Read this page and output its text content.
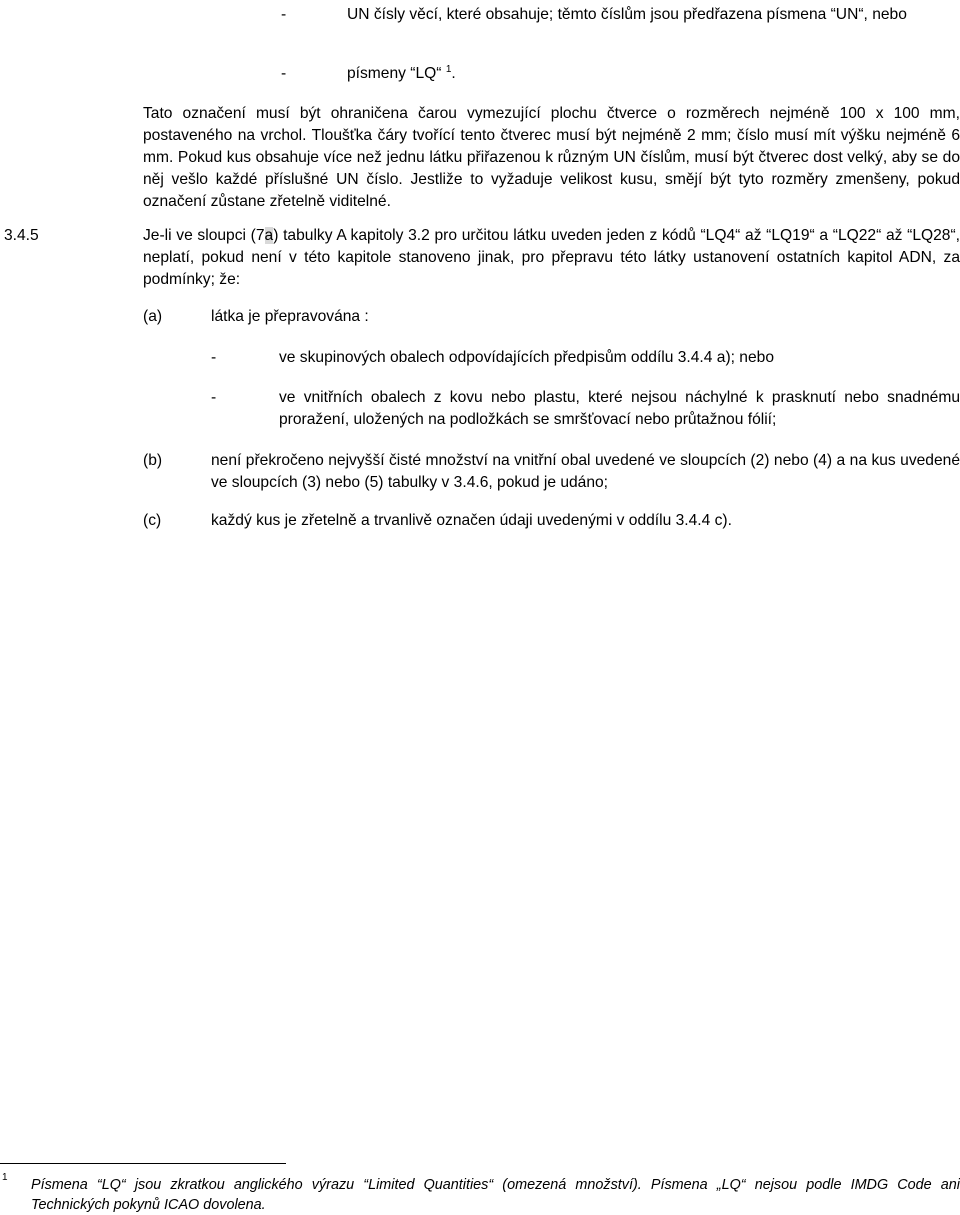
-	UN čísly věcí, které obsahuje; těmto číslům jsou předřazena písmena “UN“, nebo
-	písmeny “LQ“ $^1$.
Tato označení musí být ohraničena čarou vymezující plochu čtverce o rozměrech nejméně 100 x 100 mm, postaveného na vrchol. Tloušťka čáry tvořící tento čtverec musí být nejméně 2 mm; číslo musí mít výšku nejméně 6 mm. Pokud kus obsahuje více než jednu látku přiřazenou k různým UN číslům, musí být čtverec dost velký, aby se do něj vešlo každé příslušné UN číslo. Jestliže to vyžaduje velikost kusu, smějí být tyto rozměry zmenšeny, pokud označení zůstane zřetelně viditelné.
3.4.5	Je-li ve sloupci (7a) tabulky A kapitoly 3.2 pro určitou látku uveden jeden z kódů “LQ4“ až “LQ19“ a “LQ22“ až “LQ28“, neplatí, pokud není v této kapitole stanoveno jinak, pro přepravu této látky ustanovení ostatních kapitol ADN, za podmínky; že:
(a)	látka je přepravována :
-	ve skupinových obalech odpovídajících předpisům oddílu 3.4.4 a); nebo
-	ve vnitřních obalech z kovu nebo plastu, které nejsou náchylné k prasknutí nebo snadnému proražení, uložených na podložkách se smršťovací nebo průtažnou fólií;
(b)	není překročeno nejvyšší čisté množství na vnitřní obal uvedené ve sloupcích (2) nebo (4) a na kus uvedené ve sloupcích (3) nebo (5) tabulky v 3.4.6, pokud je udáno;
(c)	každý kus je zřetelně a trvanlivě označen údaji uvedenými v oddílu 3.4.4 c).
1 Písmena “LQ“ jsou zkratkou anglického výrazu “Limited Quantities“ (omezená množství). Písmena „LQ“ nejsou podle IMDG Code ani Technických pokynů ICAO dovolena.
